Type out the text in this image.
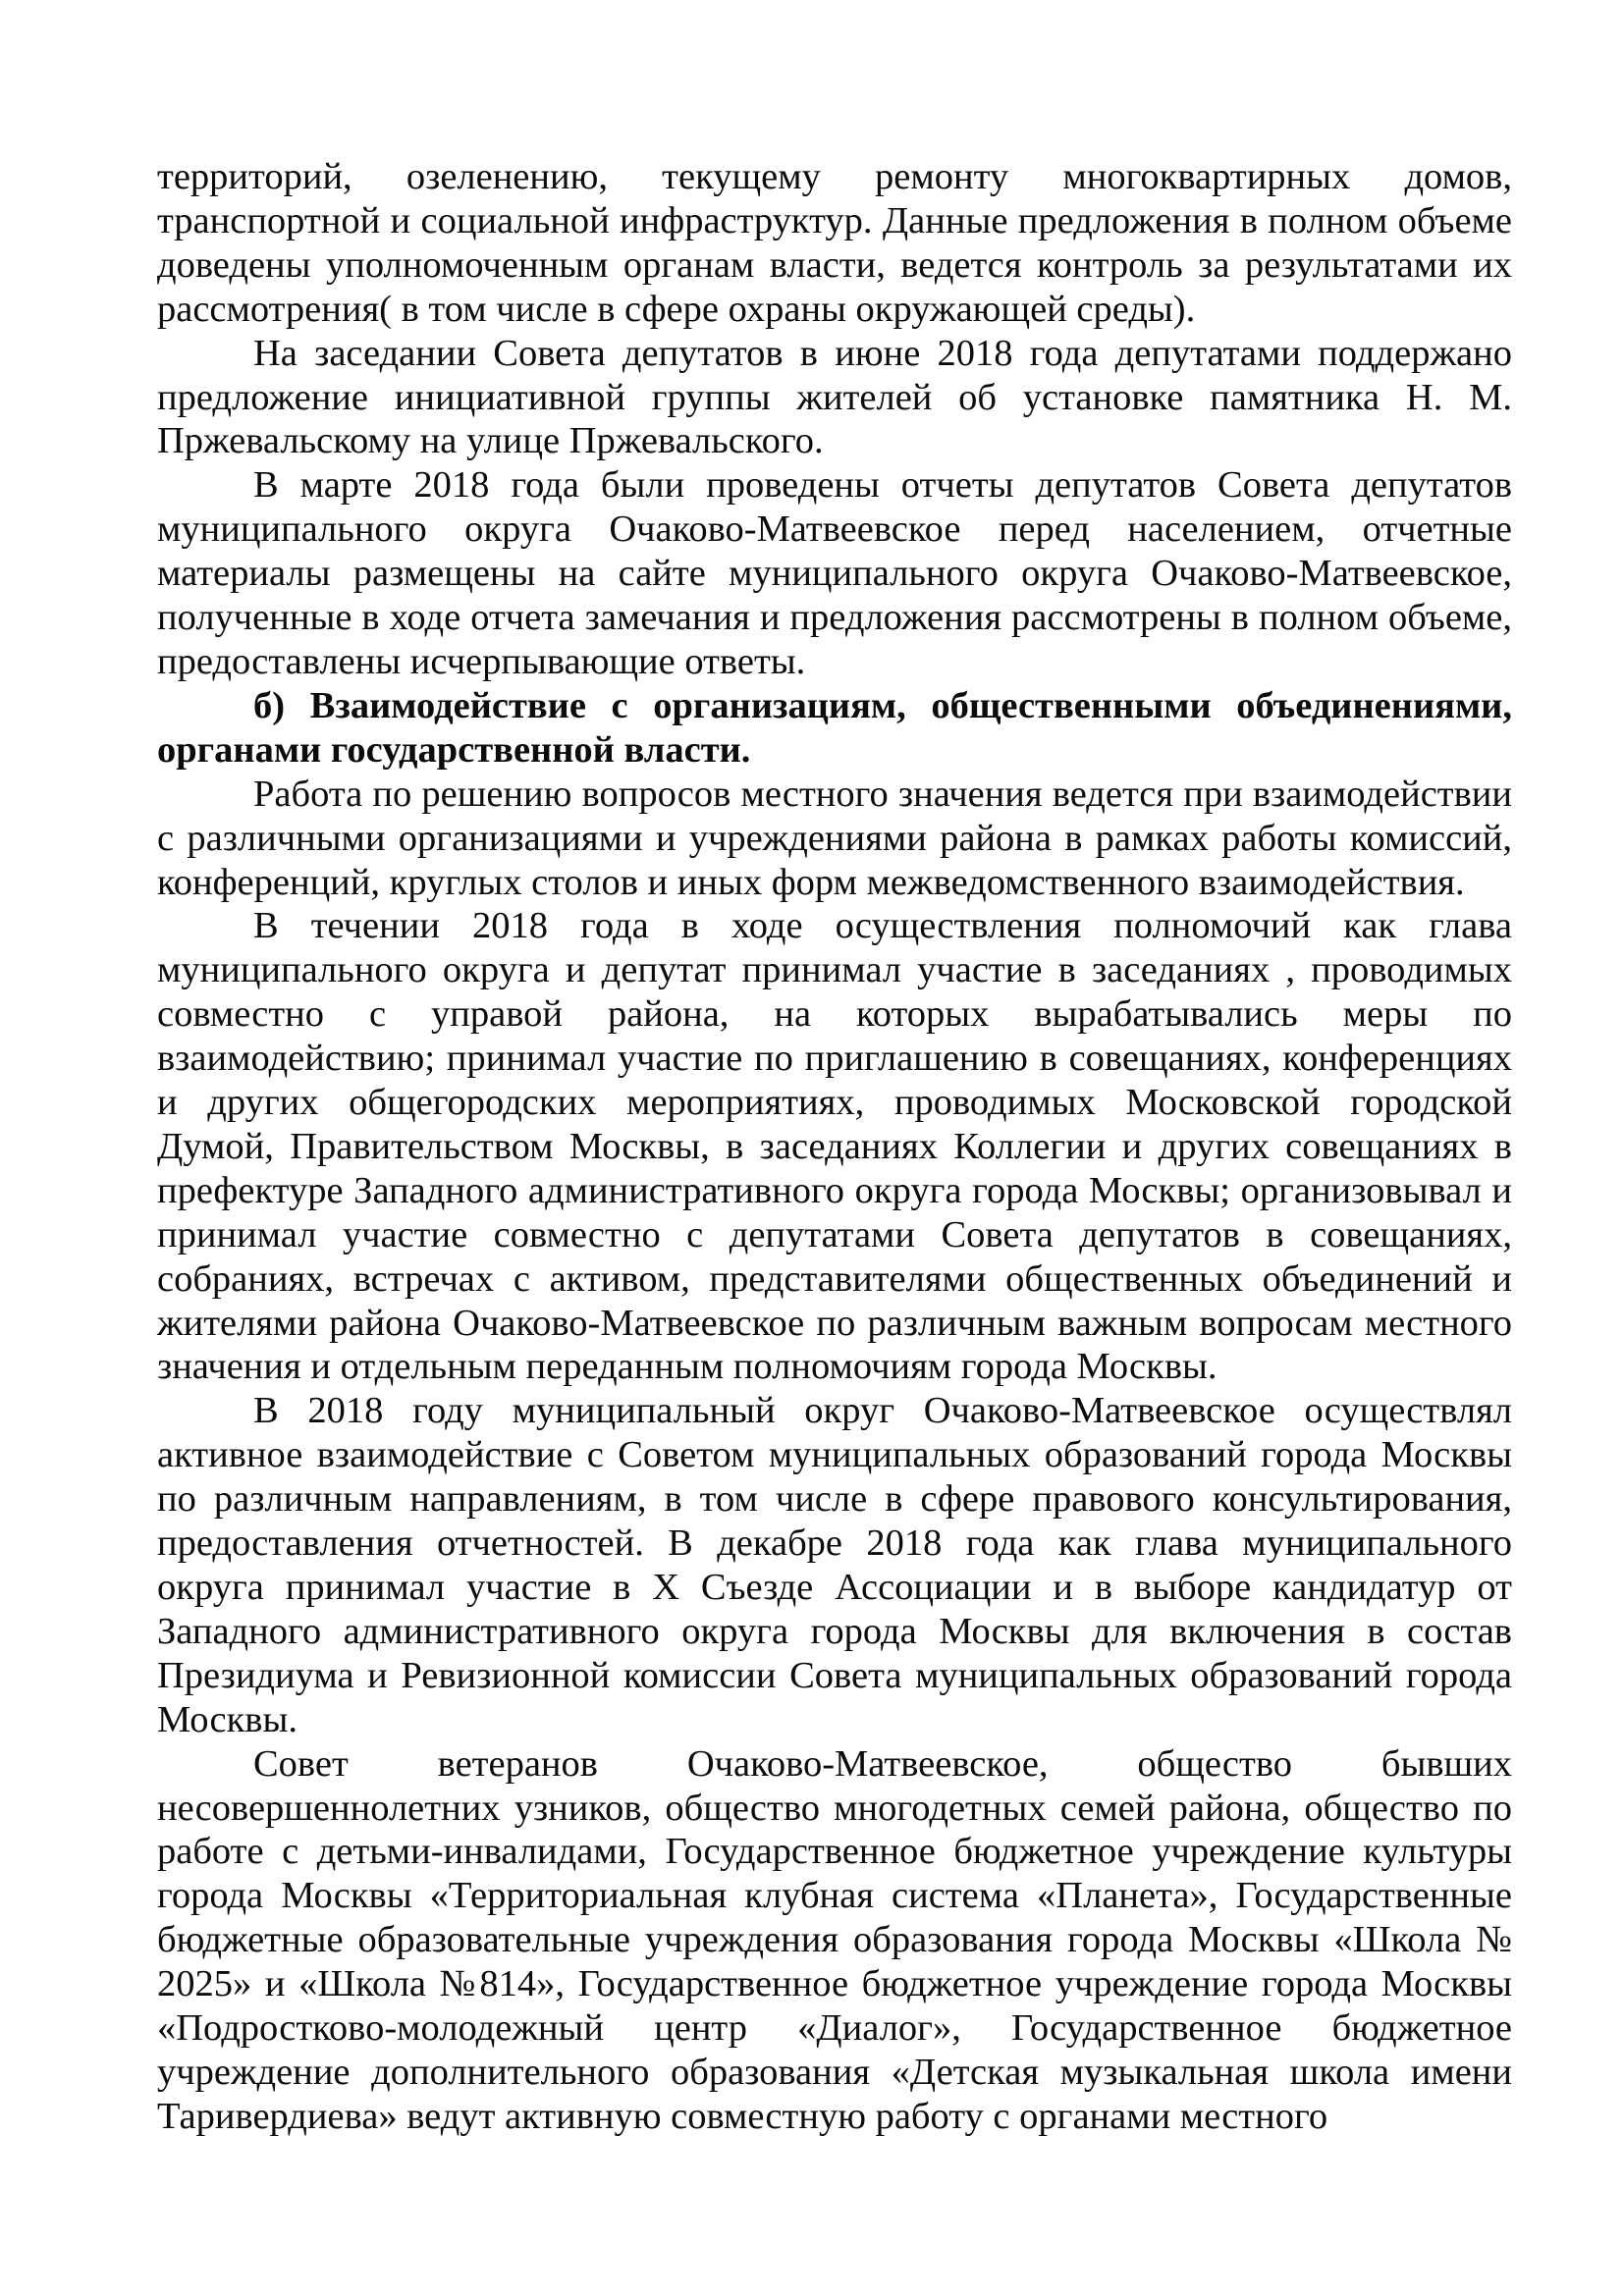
территорий, озеленению, текущему ремонту многоквартирных домов, транспортной и социальной инфраструктур. Данные предложения в полном объеме доведены уполномоченным органам власти, ведется контроль за результатами их рассмотрения( в том числе в сфере охраны окружающей среды).

На заседании Совета депутатов в июне 2018 года депутатами поддержано предложение инициативной группы жителей об установке памятника Н. М. Пржевальскому на улице Пржевальского.

В марте 2018 года были проведены отчеты депутатов Совета депутатов муниципального округа Очаково-Матвеевское перед населением, отчетные материалы размещены на сайте муниципального округа Очаково-Матвеевское, полученные в ходе отчета замечания и предложения рассмотрены в полном объеме, предоставлены исчерпывающие ответы.

б) Взаимодействие с организациям, общественными объединениями, органами государственной власти.

Работа по решению вопросов местного значения ведется при взаимодействии с различными организациями и учреждениями района в рамках работы комиссий, конференций, круглых столов и иных форм межведомственного взаимодействия.

В течении 2018 года в ходе осуществления полномочий как глава муниципального округа и депутат принимал участие в заседаниях , проводимых совместно с управой района, на которых вырабатывались меры по взаимодействию; принимал участие по приглашению в совещаниях, конференциях и других общегородских мероприятиях, проводимых Московской городской Думой, Правительством Москвы, в заседаниях Коллегии и других совещаниях в префектуре Западного административного округа города Москвы; организовывал и принимал участие совместно с депутатами Совета депутатов в совещаниях, собраниях, встречах с активом, представителями общественных объединений и жителями района Очаково-Матвеевское по различным важным вопросам местного значения и отдельным переданным полномочиям города Москвы.

В 2018 году муниципальный округ Очаково-Матвеевское осуществлял активное взаимодействие с Советом муниципальных образований города Москвы по различным направлениям, в том числе в сфере правового консультирования, предоставления отчетностей. В декабре 2018 года как глава муниципального округа принимал участие в X Съезде Ассоциации и в выборе кандидатур от Западного административного округа города Москвы для включения в состав Президиума и Ревизионной комиссии Совета муниципальных образований города Москвы.

Совет ветеранов Очаково-Матвеевское, общество бывших несовершеннолетних узников, общество многодетных семей района, общество по работе с детьми-инвалидами, Государственное бюджетное учреждение культуры города Москвы «Территориальная клубная система «Планета», Государственные бюджетные образовательные учреждения образования города Москвы «Школа № 2025» и «Школа №814», Государственное бюджетное учреждение города Москвы «Подростково-молодежный центр «Диалог», Государственное бюджетное учреждение дополнительного образования «Детская музыкальная школа имени Таривердиева» ведут активную совместную работу с органами местного
